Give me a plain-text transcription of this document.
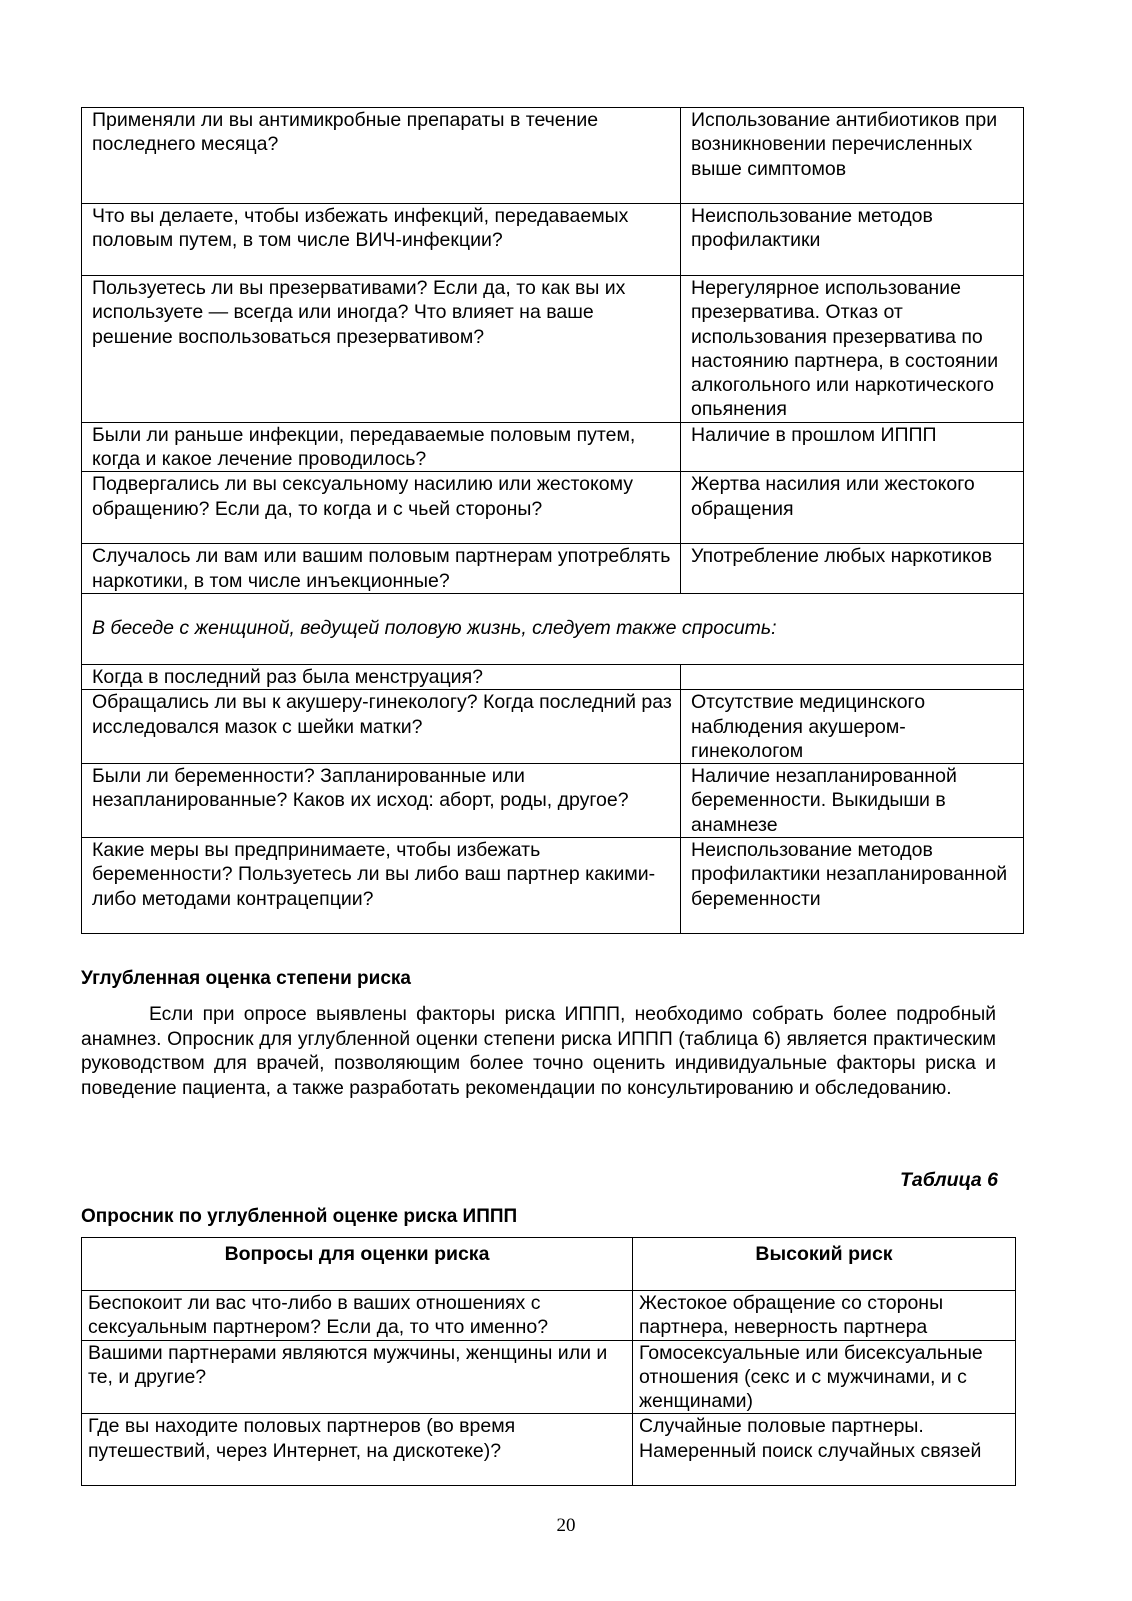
Применяли ли вы антимикробные препараты в течение последнего месяца?	Использование антибиотиков при возникновении перечисленных выше симптомов
Что вы делаете, чтобы избежать инфекций, передаваемых половым путем, в том числе ВИЧ-инфекции?	Неиспользование методов профилактики
Пользуетесь ли вы презервативами? Если да, то как вы их используете — всегда или иногда? Что влияет на ваше решение воспользоваться презервативом?	Нерегулярное использование презерватива. Отказ от использования презерватива по настоянию партнера, в состоянии алкогольного или наркотического опьянения
Были ли раньше инфекции, передаваемые половым путем, когда и какое лечение проводилось?	Наличие в прошлом ИППП
Подвергались ли вы сексуальному насилию или жестокому обращению? Если да, то когда и с чьей стороны?	Жертва насилия или жестокого обращения
Случалось ли вам или вашим половым партнерам употреблять наркотики, в том числе инъекционные?	Употребление любых наркотиков
В беседе с женщиной, ведущей половую жизнь, следует также спросить:	
Когда в последний раз была менструация?	
Обращались ли вы к акушеру-гинекологу? Когда последний раз исследовался мазок с шейки матки?	Отсутствие медицинского наблюдения акушером-гинекологом
Были ли беременности? Запланированные или незапланированные? Каков их исход: аборт, роды, другое?	Наличие незапланированной беременности. Выкидыши в анамнезе
Какие меры вы предпринимаете, чтобы избежать беременности? Пользуетесь ли вы либо ваш партнер какими-либо методами контрацепции?	Неиспользование методов профилактики незапланированной беременности
Углубленная оценка степени риска

Если при опросе выявлены факторы риска ИППП, необходимо собрать более подробный анамнез. Опросник для углубленной оценки степени риска ИППП (таблица 6) является практическим руководством для врачей, позволяющим более точно оценить индивидуальные факторы риска и поведение пациента, а также разработать рекомендации по консультированию и обследованию.

Таблица 6
Опросник по углубленной оценке риска ИППП
Вопросы для оценки риска	Высокий риск
Беспокоит ли вас что-либо в ваших отношениях с сексуальным партнером? Если да, то что именно?	Жестокое обращение со стороны партнера, неверность партнера
Вашими партнерами являются мужчины, женщины или и те, и другие?	Гомосексуальные или бисексуальные отношения (секс и с мужчинами, и с женщинами)
Где вы находите половых партнеров (во время путешествий, через Интернет, на дискотеке)?	Случайные половые партнеры. Намеренный поиск случайных связей
20
